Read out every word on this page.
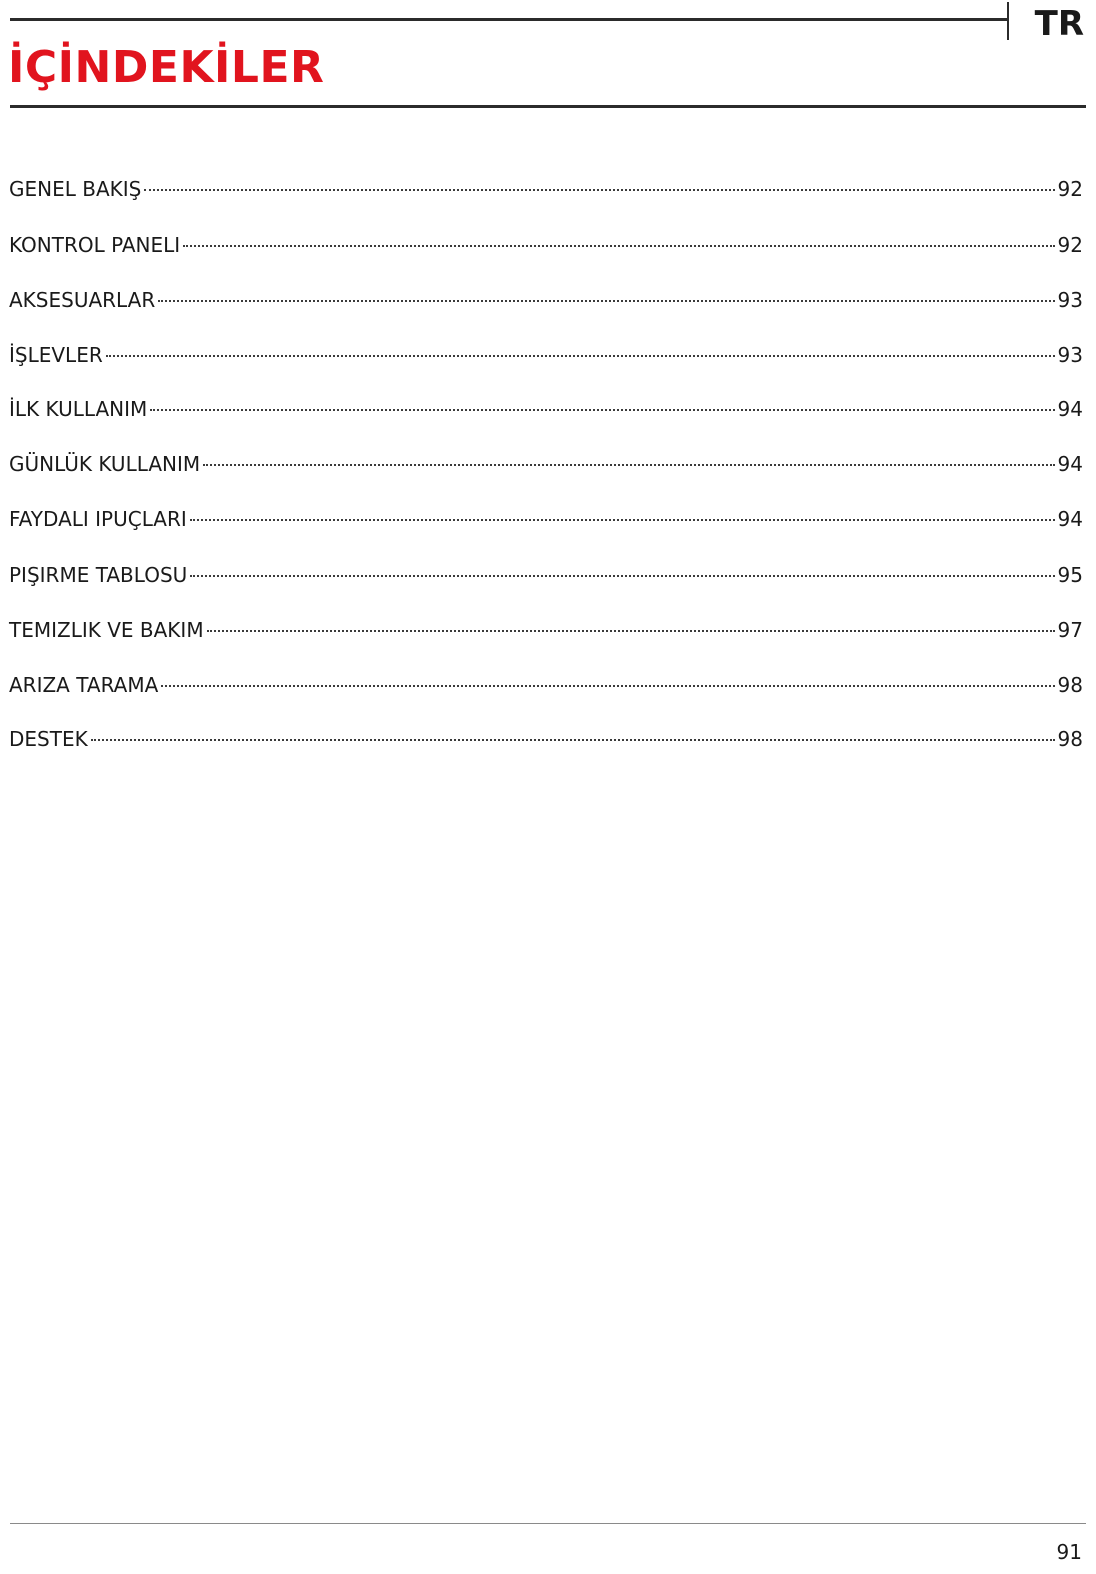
TR
İÇİNDEKİLER
GENEL BAKIŞ	92
KONTROL PANELI	92
AKSESUARLAR	93
İŞLEVLER	93
İLK KULLANIM	94
GÜNLÜK KULLANIM	94
FAYDALI IPUÇLARI	94
PIŞIRME TABLOSU	95
TEMIZLIK VE BAKIM	97
ARIZA TARAMA	98
DESTEK	98
91
